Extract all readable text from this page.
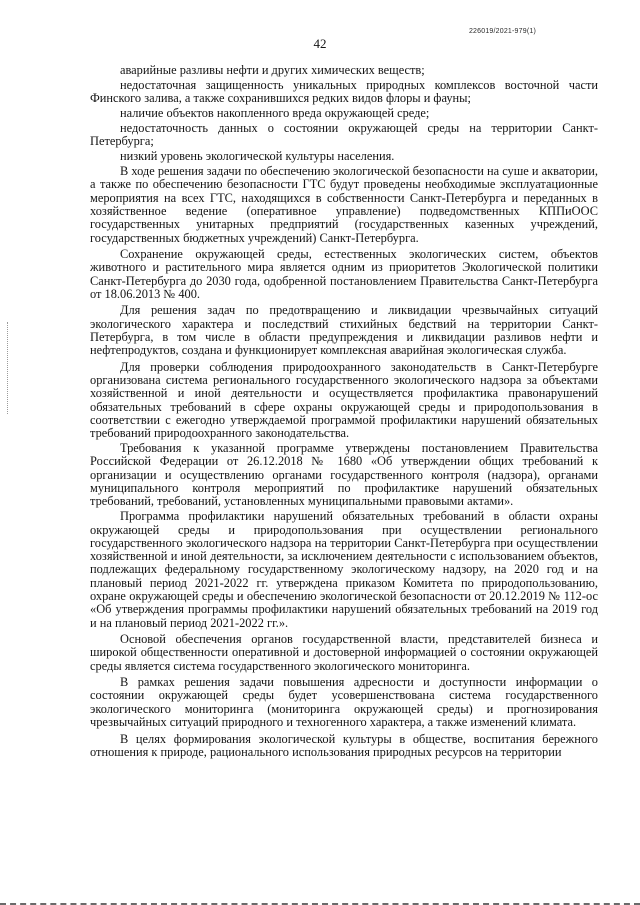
226019/2021-979(1)
42

аварийные разливы нефти и других химических веществ;

недостаточная защищенность уникальных природных комплексов восточной части Финского залива, а также сохранившихся редких видов флоры и фауны;

наличие объектов накопленного вреда окружающей среде;

недостаточность данных о состоянии окружающей среды на территории Санкт-Петербурга;

низкий уровень экологической культуры населения.

В ходе решения задачи по обеспечению экологической безопасности на суше и акватории, а также по обеспечению безопасности ГТС будут проведены необходимые эксплуатационные мероприятия на всех ГТС, находящихся в собственности Санкт-Петербурга и переданных в хозяйственное ведение (оперативное управление) подведомственных КППиООС государственных унитарных предприятий (государственных казенных учреждений, государственных бюджетных учреждений) Санкт-Петербурга.

Сохранение окружающей среды, естественных экологических систем, объектов животного и растительного мира является одним из приоритетов Экологической политики Санкт-Петербурга до 2030 года, одобренной постановлением Правительства Санкт-Петербурга от 18.06.2013 № 400.

Для решения задач по предотвращению и ликвидации чрезвычайных ситуаций экологического характера и последствий стихийных бедствий на территории Санкт-Петербурга, в том числе в области предупреждения и ликвидации разливов нефти и нефтепродуктов, создана и функционирует комплексная аварийная экологическая служба.

Для проверки соблюдения природоохранного законодательств в Санкт-Петербурге организована система регионального государственного экологического надзора за объектами хозяйственной и иной деятельности и осуществляется профилактика правонарушений обязательных требований в сфере охраны окружающей среды и природопользования в соответствии с ежегодно утверждаемой программой профилактики нарушений обязательных требований природоохранного законодательства.

Требования к указанной программе утверждены постановлением Правительства Российской Федерации от 26.12.2018 № 1680 «Об утверждении общих требований к организации и осуществлению органами государственного контроля (надзора), органами муниципального контроля мероприятий по профилактике нарушений обязательных требований, требований, установленных муниципальными правовыми актами».

Программа профилактики нарушений обязательных требований в области охраны окружающей среды и природопользования при осуществлении регионального государственного экологического надзора на территории Санкт-Петербурга при осуществлении хозяйственной и иной деятельности, за исключением деятельности с использованием объектов, подлежащих федеральному государственному экологическому надзору, на 2020 год и на плановый период 2021-2022 гг. утверждена приказом Комитета по природопользованию, охране окружающей среды и обеспечению экологической безопасности от 20.12.2019 № 112-ос «Об утверждения программы профилактики нарушений обязательных требований на 2019 год и на плановый период 2021-2022 гг.».

Основой обеспечения органов государственной власти, представителей бизнеса и широкой общественности оперативной и достоверной информацией о состоянии окружающей среды является система государственного экологического мониторинга.

В рамках решения задачи повышения адресности и доступности информации о состоянии окружающей среды будет усовершенствована система государственного экологического мониторинга (мониторинга окружающей среды) и прогнозирования чрезвычайных ситуаций природного и техногенного характера, а также изменений климата.

В целях формирования экологической культуры в обществе, воспитания бережного отношения к природе, рационального использования природных ресурсов на территории
